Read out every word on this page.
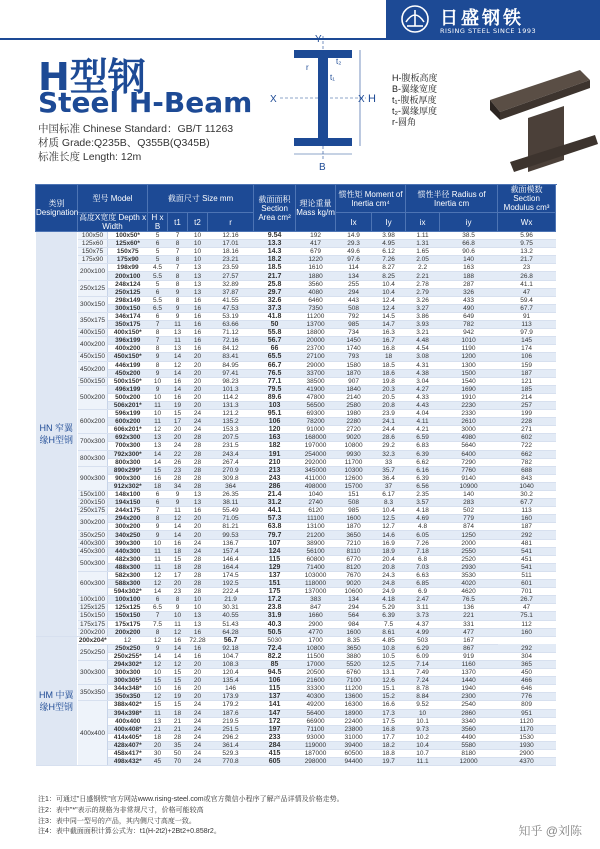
日盛钢铁
RISING STEEL SINCE 1993
H型钢
Steel H-Beam
中国标准 Chinese Standard：GB/T 11263
材质 Grade:Q235B、Q355B(Q345B)
标准长度 Length: 12m
Y
B
X	X H
t₁
t₂
r
H-腹板高度
B-翼缘宽度
t₁-腹板厚度
t₂-翼缘厚度
r-圆角
类别 Designation	型号 Model		截面尺寸 Size mm				截面面积 Section Area cm²	理论重量 Mass kg/m	惯性矩 Moment of Inertia cm⁴		惯性半径 Radius of Inertia cm		截面模数 Section Modulus cm³	
	高度X宽度 Depth x Width		H x B	t1	t2	r			Ix	Iy	ix	iy	Wx	Wy
HN 窄翼缘H型钢	100x50	100x50*	5	7	10	12.16	9.54	192	14.9	3.98	1.11	38.5	5.96	
	125x60	125x60*	6	8	10	17.01	13.3	417	29.3	4.95	1.31	66.8	9.75	
	150x75	150x75	5	7	10	18.16	14.3	679	49.6	6.12	1.65	90.6	13.2	
	175x90	175x90	5	8	10	23.21	18.2	1220	97.6	7.26	2.05	140	21.7	
	200x100	198x99	4.5	7	13	23.59	18.5	1610	114	8.27	2.2	163	23	
		200x100	5.5	8	13	27.57	21.7	1880	134	8.25	2.21	188	26.8	
	250x125	248x124	5	8	13	32.89	25.8	3560	255	10.4	2.78	287	41.1	
		250x125	6	9	13	37.87	29.7	4080	294	10.4	2.79	326	47	
	300x150	298x149	5.5	8	16	41.55	32.6	6460	443	12.4	3.26	433	59.4	
		300x150	6.5	9	16	47.53	37.3	7350	508	12.4	3.27	490	67.7	
	350x175	346x174	6	9	16	53.19	41.8	11200	792	14.5	3.86	649	91	
		350x175	7	11	16	63.66	50	13700	985	14.7	3.93	782	113	
	400x150	400x150*	8	13	16	71.12	55.8	18800	734	16.3	3.21	942	97.9	
	400x200	396x199	7	11	16	72.16	56.7	20000	1450	16.7	4.48	1010	145	
		400x200	8	13	16	84.12	66	23700	1740	16.8	4.54	1190	174	
	450x150	450x150*	9	14	20	83.41	65.5	27100	793	18	3.08	1200	106	
	450x200	446x199	8	12	20	84.95	66.7	29000	1580	18.5	4.31	1300	159	
		450x200	9	14	20	97.41	76.5	33700	1870	18.6	4.38	1500	187	
	500x150	500x150*	10	16	20	98.23	77.1	38500	907	19.8	3.04	1540	121	
	500x200	496x199	9	14	20	101.3	79.5	41900	1840	20.3	4.27	1690	185	
		500x200	10	16	20	114.2	89.6	47800	2140	20.5	4.33	1910	214	
		506x201*	11	19	20	131.3	103	56500	2580	20.8	4.43	2230	257	
	600x200	596x199	10	15	24	121.2	95.1	69300	1980	23.9	4.04	2330	199	
		600x200	11	17	24	135.2	106	78200	2280	24.1	4.11	2610	228	
		606x201*	12	20	24	153.3	120	91000	2720	24.4	4.21	3000	271	
	700x300	692x300	13	20	28	207.5	163	168000	9020	28.6	6.59	4980	602	
		700x300	13	24	28	231.5	182	197000	10800	29.2	6.83	5640	722	
	800x300	792x300*	14	22	28	243.4	191	254000	9930	32.3	6.39	6400	662	
		800x300	14	26	28	267.4	210	292000	11700	33	6.62	7290	782	
	900x300	890x299*	15	23	28	270.9	213	345000	10300	35.7	6.16	7760	688	
		900x300	16	28	28	309.8	243	411000	12600	36.4	6.39	9140	843	
		912x302*	18	34	28	364	286	498000	15700	37	6.56	10900	1040	
	150x100	148x100	6	9	13	26.35	21.4	1040	151	6.17	2.35	140	30.2	
	200x150	194x150	6	9	13	38.11	31.2	2740	508	8.3	3.57	283	67.7	
	250x175	244x175	7	11	16	55.49	44.1	6120	985	10.4	4.18	502	113	
	300x200	294x200	8	12	20	71.05	57.3	11100	1600	12.5	4.69	779	160	
		300x200	9	14	20	81.21	63.8	13100	1870	12.7	4.8	874	187	
	350x250	340x250	9	14	20	99.53	79.7	21200	3650	14.6	6.05	1250	292	
	400x300	390x300	10	16	24	136.7	107	38900	7210	16.9	7.26	2000	481	
	450x300	440x300	11	18	24	157.4	124	56100	8110	18.9	7.18	2550	541	
	500x300	482x300	11	15	28	146.4	115	60800	6770	20.4	6.8	2520	451	
		488x300	11	18	28	164.4	129	71400	8120	20.8	7.03	2930	541	
	600x300	582x300	12	17	28	174.5	137	103000	7670	24.3	6.63	3530	511	
		588x300	12	20	28	192.5	151	118000	9020	24.8	6.85	4020	601	
		594x302*	14	23	28	222.4	175	137000	10600	24.9	6.9	4620	701	
	100x100	100x100	6	8	10	21.9	17.2	383	134	4.18	2.47	76.5	26.7	
	125x125	125x125	6.5	9	10	30.31	23.8	847	294	5.29	3.11	136	47	
	150x150	150x150	7	10	13	40.55	31.9	1660	564	6.39	3.73	221	75.1	
	175x175	175x175	7.5	11	13	51.43	40.3	2900	984	7.5	4.37	331	112	
	200x200	200x200	8	12	16	64.28	50.5	4770	1600	8.61	4.99	477	160	
HM 中翼缘H型钢	200x204*	12	12	16	72.28	56.7	5030	1700	8.35	4.85	503	167		
	250x250	250x250	9	14	16	92.18	72.4	10800	3650	10.8	6.29	867	292	
		250x255*	14	14	16	104.7	82.2	11500	3880	10.5	6.09	919	304	
	300x300	294x302*	12	12	20	108.3	85	17000	5520	12.5	7.14	1160	365	
		300x300	10	15	20	120.4	94.5	20500	6760	13.1	7.49	1370	450	
		300x305*	15	15	20	135.4	106	21600	7100	12.6	7.24	1440	466	
	350x350	344x348*	10	16	20	146	115	33300	11200	15.1	8.78	1940	646	
		350x350	12	19	20	173.9	137	40300	13600	15.2	8.84	2300	776	
	400x400	388x402*	15	15	24	179.2	141	49200	16300	16.6	9.52	2540	809	
		394x398*	11	18	24	187.6	147	56400	18900	17.3	10	2860	951	
		400x400	13	21	24	219.5	172	66900	22400	17.5	10.1	3340	1120	
		400x408*	21	21	24	251.5	197	71100	23800	16.8	9.73	3560	1170	
		414x405*	18	28	24	296.2	233	93000	31000	17.7	10.2	4490	1530	
		428x407*	20	35	24	361.4	284	119000	39400	18.2	10.4	5580	1930	
		458x417*	30	50	24	529.3	415	187000	60500	18.8	10.7	8180	2900	
		498x432*	45	70	24	770.8	605	298000	94400	19.7	11.1	12000	4370	
注1：可通过"日盛钢铁"官方网站www.rising-steel.com或官方微信小程序了解产品详情及价格走势。
注2：表中"*"表示的规格为非常规尺寸，价格可能较高
注3：表中同一型号的产品，其内侧尺寸高度一致。
注4：表中截面面积计算公式为：t1(H-2t2)+2Bt2+0.858r2。	知乎 @刘陈
